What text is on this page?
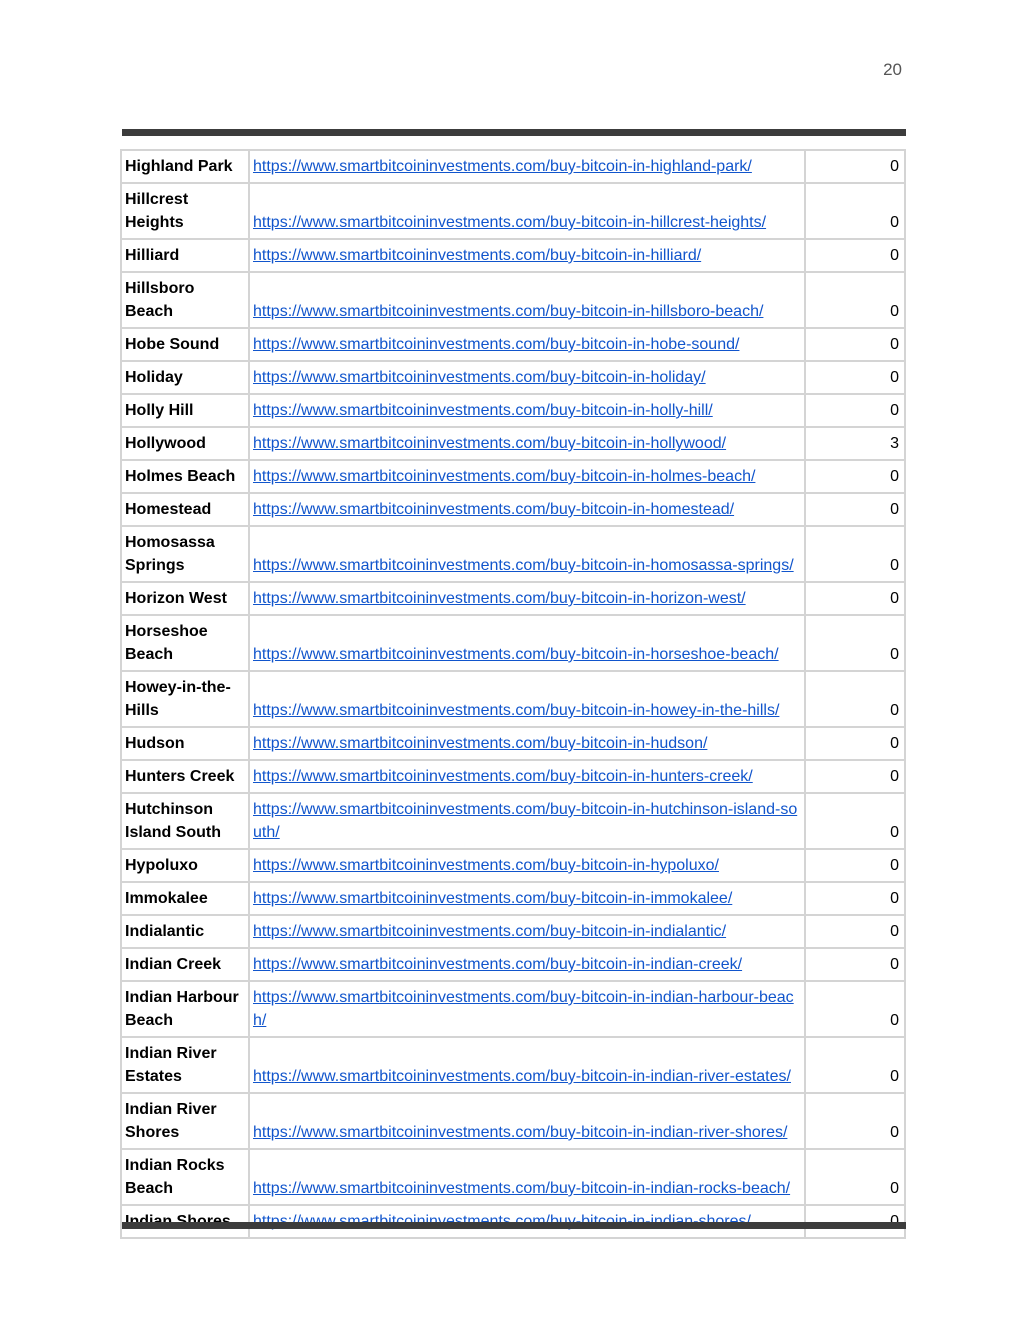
20
Highland Park	https://www.smartbitcoininvestments.com/buy-bitcoin-in-highland-park/	0
Hillcrest Heights	https://www.smartbitcoininvestments.com/buy-bitcoin-in-hillcrest-heights/	0
Hilliard	https://www.smartbitcoininvestments.com/buy-bitcoin-in-hilliard/	0
Hillsboro Beach	https://www.smartbitcoininvestments.com/buy-bitcoin-in-hillsboro-beach/	0
Hobe Sound	https://www.smartbitcoininvestments.com/buy-bitcoin-in-hobe-sound/	0
Holiday	https://www.smartbitcoininvestments.com/buy-bitcoin-in-holiday/	0
Holly Hill	https://www.smartbitcoininvestments.com/buy-bitcoin-in-holly-hill/	0
Hollywood	https://www.smartbitcoininvestments.com/buy-bitcoin-in-hollywood/	3
Holmes Beach	https://www.smartbitcoininvestments.com/buy-bitcoin-in-holmes-beach/	0
Homestead	https://www.smartbitcoininvestments.com/buy-bitcoin-in-homestead/	0
Homosassa Springs	https://www.smartbitcoininvestments.com/buy-bitcoin-in-homosassa-springs/	0
Horizon West	https://www.smartbitcoininvestments.com/buy-bitcoin-in-horizon-west/	0
Horseshoe Beach	https://www.smartbitcoininvestments.com/buy-bitcoin-in-horseshoe-beach/	0
Howey-in-the-Hills	https://www.smartbitcoininvestments.com/buy-bitcoin-in-howey-in-the-hills/	0
Hudson	https://www.smartbitcoininvestments.com/buy-bitcoin-in-hudson/	0
Hunters Creek	https://www.smartbitcoininvestments.com/buy-bitcoin-in-hunters-creek/	0
Hutchinson Island South	https://www.smartbitcoininvestments.com/buy-bitcoin-in-hutchinson-island-south/	0
Hypoluxo	https://www.smartbitcoininvestments.com/buy-bitcoin-in-hypoluxo/	0
Immokalee	https://www.smartbitcoininvestments.com/buy-bitcoin-in-immokalee/	0
Indialantic	https://www.smartbitcoininvestments.com/buy-bitcoin-in-indialantic/	0
Indian Creek	https://www.smartbitcoininvestments.com/buy-bitcoin-in-indian-creek/	0
Indian Harbour Beach	https://www.smartbitcoininvestments.com/buy-bitcoin-in-indian-harbour-beach/	0
Indian River Estates	https://www.smartbitcoininvestments.com/buy-bitcoin-in-indian-river-estates/	0
Indian River Shores	https://www.smartbitcoininvestments.com/buy-bitcoin-in-indian-river-shores/	0
Indian Rocks Beach	https://www.smartbitcoininvestments.com/buy-bitcoin-in-indian-rocks-beach/	0
